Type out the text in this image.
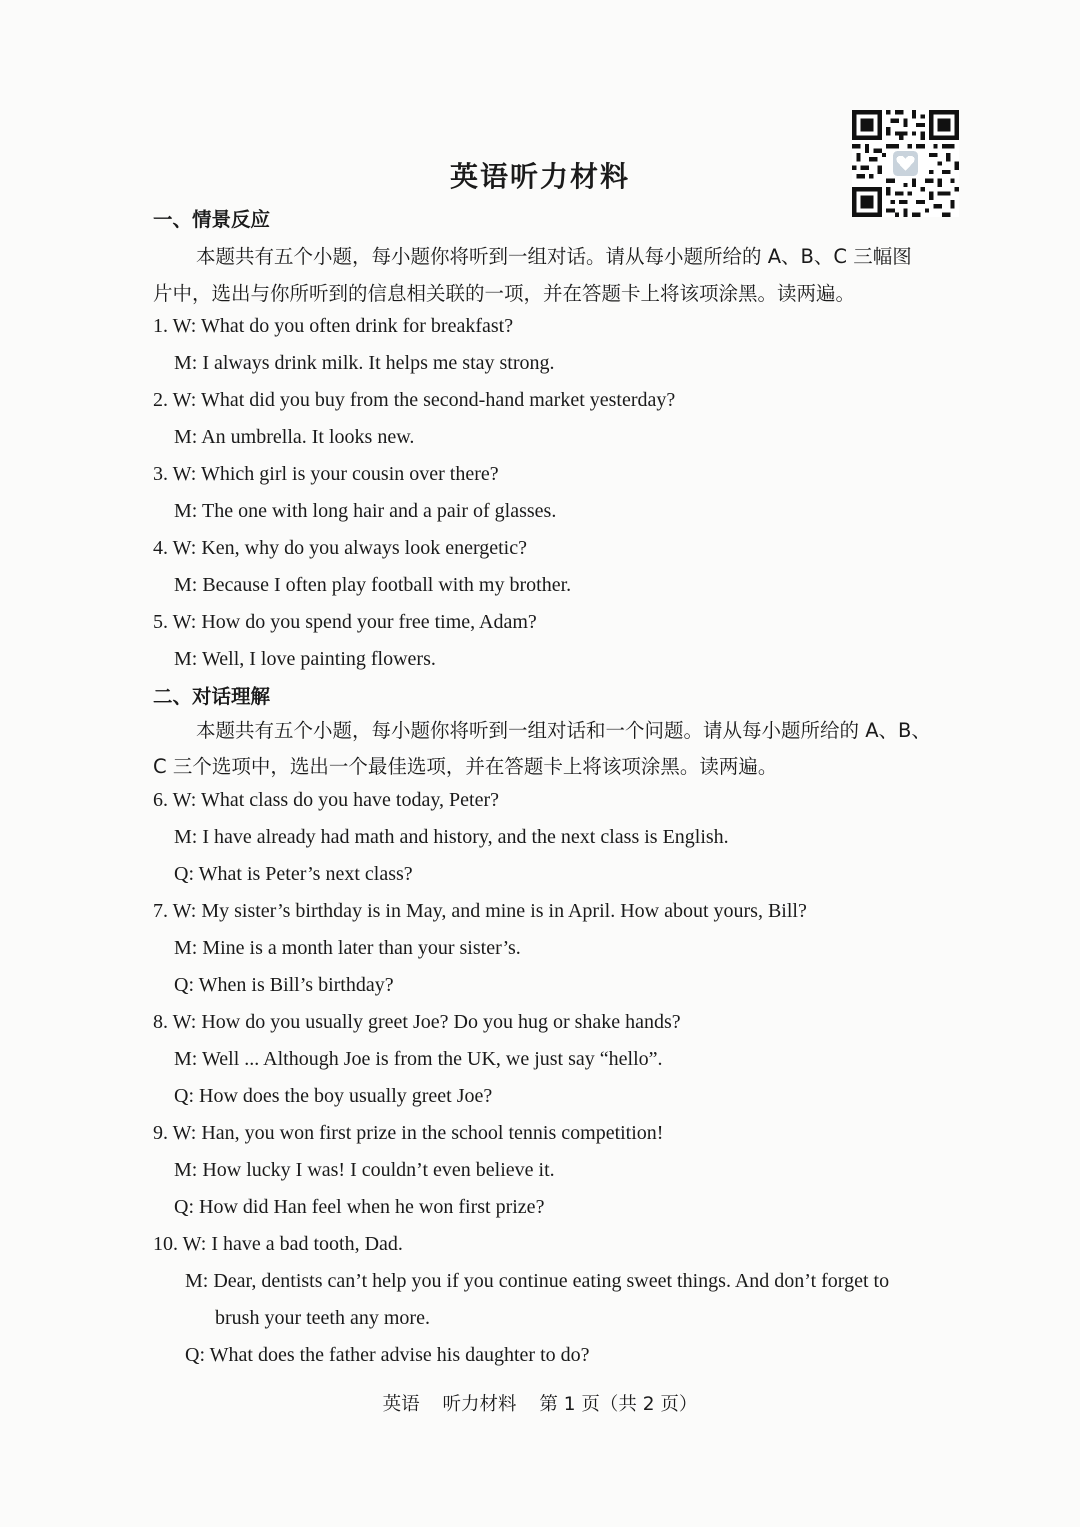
英语听力材料
一、情景反应
本题共有五个小题，每小题你将听到一组对话。请从每小题所给的 A、B、C 三幅图
片中，选出与你所听到的信息相关联的一项，并在答题卡上将该项涂黑。读两遍。
1. W: What do you often drink for breakfast?
M: I always drink milk. It helps me stay strong.
2. W: What did you buy from the second-hand market yesterday?
M: An umbrella. It looks new.
3. W: Which girl is your cousin over there?
M: The one with long hair and a pair of glasses.
4. W: Ken, why do you always look energetic?
M: Because I often play football with my brother.
5. W: How do you spend your free time, Adam?
M: Well, I love painting flowers.
二、对话理解
本题共有五个小题，每小题你将听到一组对话和一个问题。请从每小题所给的 A、B、
C 三个选项中，选出一个最佳选项，并在答题卡上将该项涂黑。读两遍。
6. W: What class do you have today, Peter?
M: I have already had math and history, and the next class is English.
Q: What is Peter’s next class?
7. W: My sister’s birthday is in May, and mine is in April. How about yours, Bill?
M: Mine is a month later than your sister’s.
Q: When is Bill’s birthday?
8. W: How do you usually greet Joe? Do you hug or shake hands?
M: Well ... Although Joe is from the UK, we just say “hello”.
Q: How does the boy usually greet Joe?
9. W: Han, you won first prize in the school tennis competition!
M: How lucky I was! I couldn’t even believe it.
Q: How did Han feel when he won first prize?
10. W: I have a bad tooth, Dad.
M: Dear, dentists can’t help you if you continue eating sweet things. And don’t forget to
brush your teeth any more.
Q: What does the father advise his daughter to do?
英语 听力材料 第 1 页（共 2 页）
